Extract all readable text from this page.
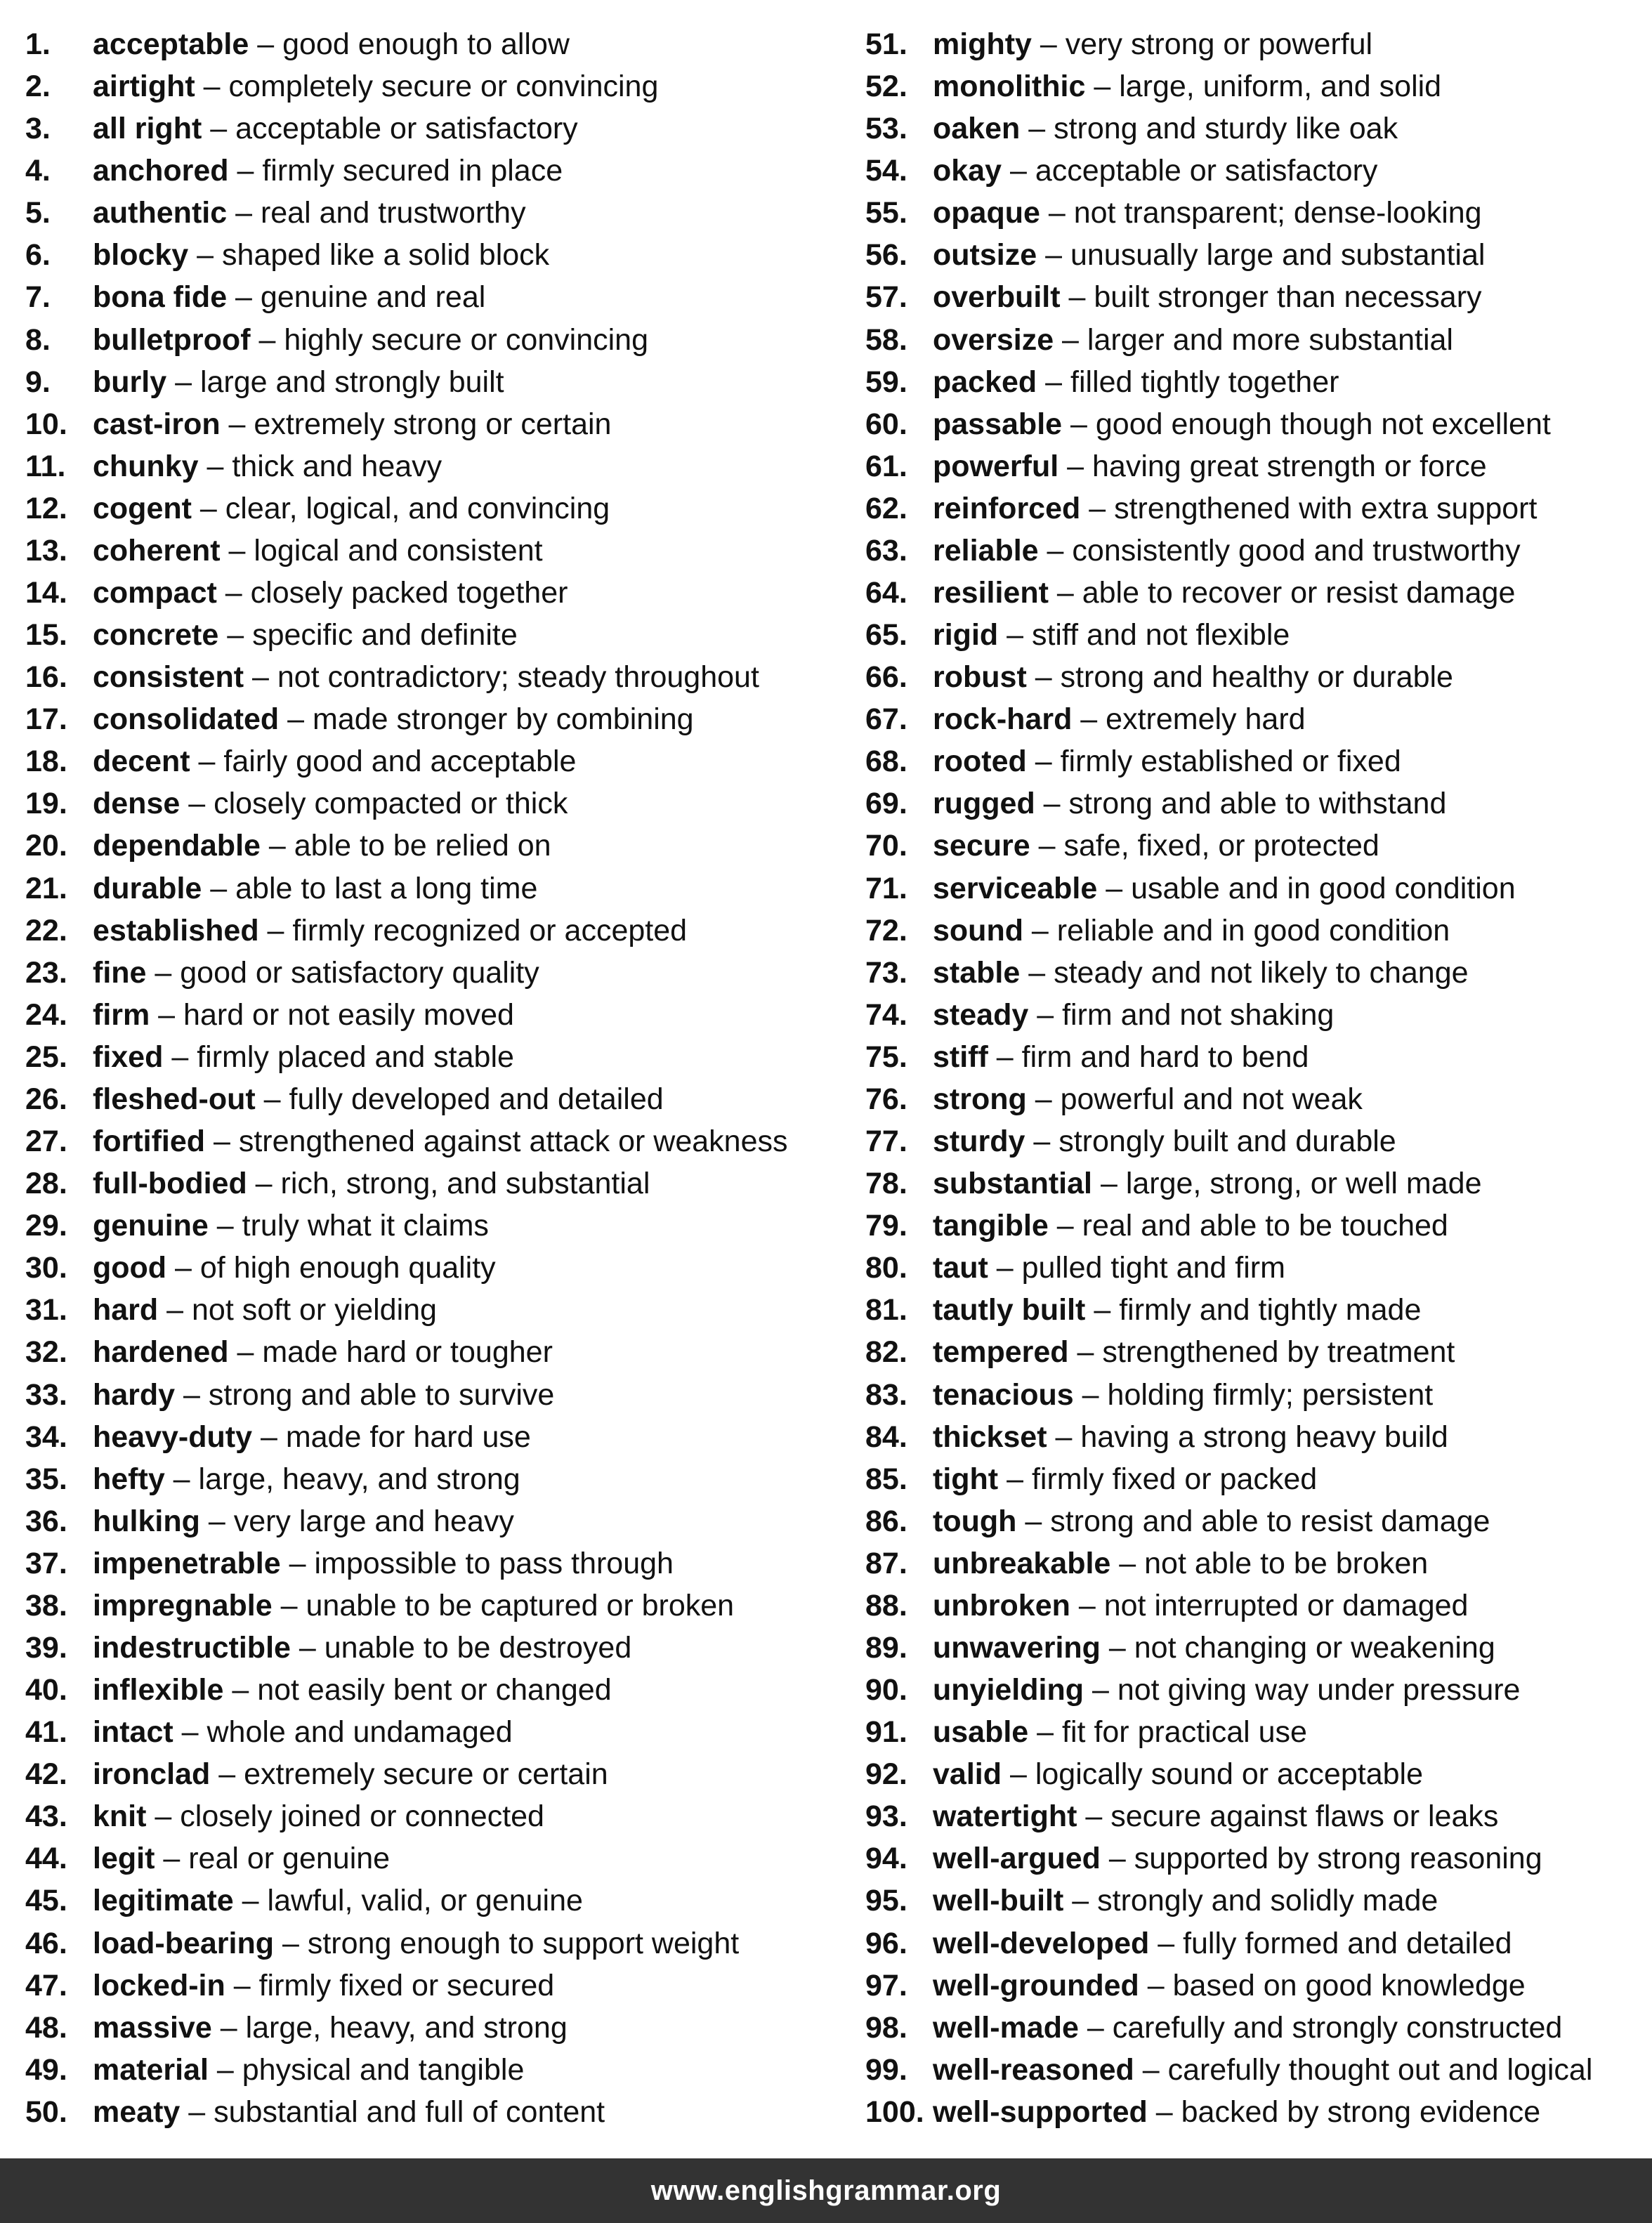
1.	acceptable – good enough to allow
2.	airtight – completely secure or convincing
3.	all right – acceptable or satisfactory
4.	anchored – firmly secured in place
5.	authentic – real and trustworthy
6.	blocky – shaped like a solid block
7.	bona fide – genuine and real
8.	bulletproof – highly secure or convincing
9.	burly – large and strongly built
10. cast-iron – extremely strong or certain
11. chunky – thick and heavy
12. cogent – clear, logical, and convincing
13. coherent – logical and consistent
14. compact – closely packed together
15. concrete – specific and definite
16. consistent – not contradictory; steady throughout
17. consolidated – made stronger by combining
18. decent – fairly good and acceptable
19. dense – closely compacted or thick
20. dependable – able to be relied on
21. durable – able to last a long time
22. established – firmly recognized or accepted
23. fine – good or satisfactory quality
24. firm – hard or not easily moved
25. fixed – firmly placed and stable
26. fleshed-out – fully developed and detailed
27. fortified – strengthened against attack or weakness
28. full-bodied – rich, strong, and substantial
29. genuine – truly what it claims
30. good – of high enough quality
31. hard – not soft or yielding
32. hardened – made hard or tougher
33. hardy – strong and able to survive
34. heavy-duty – made for hard use
35. hefty – large, heavy, and strong
36. hulking – very large and heavy
37. impenetrable – impossible to pass through
38. impregnable – unable to be captured or broken
39. indestructible – unable to be destroyed
40. inflexible – not easily bent or changed
41. intact – whole and undamaged
42. ironclad – extremely secure or certain
43. knit – closely joined or connected
44. legit – real or genuine
45. legitimate – lawful, valid, or genuine
46. load-bearing – strong enough to support weight
47. locked-in – firmly fixed or secured
48. massive – large, heavy, and strong
49. material – physical and tangible
50. meaty – substantial and full of content
51. mighty – very strong or powerful
52. monolithic – large, uniform, and solid
53. oaken – strong and sturdy like oak
54. okay – acceptable or satisfactory
55. opaque – not transparent; dense-looking
56. outsize – unusually large and substantial
57. overbuilt – built stronger than necessary
58. oversize – larger and more substantial
59. packed – filled tightly together
60. passable – good enough though not excellent
61. powerful – having great strength or force
62. reinforced – strengthened with extra support
63. reliable – consistently good and trustworthy
64. resilient – able to recover or resist damage
65. rigid – stiff and not flexible
66. robust – strong and healthy or durable
67. rock-hard – extremely hard
68. rooted – firmly established or fixed
69. rugged – strong and able to withstand
70. secure – safe, fixed, or protected
71. serviceable – usable and in good condition
72. sound – reliable and in good condition
73. stable – steady and not likely to change
74. steady – firm and not shaking
75. stiff – firm and hard to bend
76. strong – powerful and not weak
77. sturdy – strongly built and durable
78. substantial – large, strong, or well made
79. tangible – real and able to be touched
80. taut – pulled tight and firm
81. tautly built – firmly and tightly made
82. tempered – strengthened by treatment
83. tenacious – holding firmly; persistent
84. thickset – having a strong heavy build
85. tight – firmly fixed or packed
86. tough – strong and able to resist damage
87. unbreakable – not able to be broken
88. unbroken – not interrupted or damaged
89. unwavering – not changing or weakening
90. unyielding – not giving way under pressure
91. usable – fit for practical use
92. valid – logically sound or acceptable
93. watertight – secure against flaws or leaks
94. well-argued – supported by strong reasoning
95. well-built – strongly and solidly made
96. well-developed – fully formed and detailed
97. well-grounded – based on good knowledge
98. well-made – carefully and strongly constructed
99. well-reasoned – carefully thought out and logical
100. well-supported – backed by strong evidence
www.englishgrammar.org
